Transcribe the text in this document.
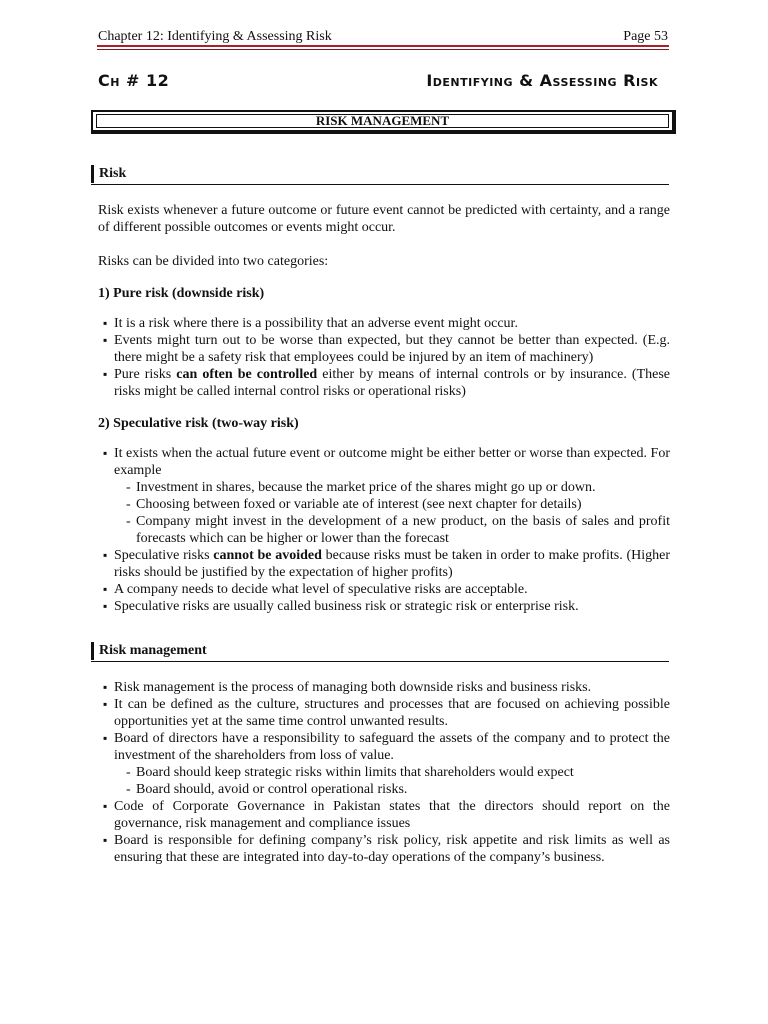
Chapter 12: Identifying & Assessing Risk	Page 53
Ch # 12	Identifying & Assessing Risk
RISK MANAGEMENT
Risk

Risk exists whenever a future outcome or future event cannot be predicted with certainty, and a range of different possible outcomes or events might occur.

Risks can be divided into two categories:

1) Pure risk (downside risk)
▪ It is a risk where there is a possibility that an adverse event might occur.
▪ Events might turn out to be worse than expected, but they cannot be better than expected. (E.g. there might be a safety risk that employees could be injured by an item of machinery)
▪ Pure risks can often be controlled either by means of internal controls or by insurance. (These risks might be called internal control risks or operational risks)
2) Speculative risk (two-way risk)
▪ It exists when the actual future event or outcome might be either better or worse than expected. For example
- Investment in shares, because the market price of the shares might go up or down.
- Choosing between foxed or variable ate of interest (see next chapter for details)
- Company might invest in the development of a new product, on the basis of sales and profit forecasts which can be higher or lower than the forecast
▪ Speculative risks cannot be avoided because risks must be taken in order to make profits. (Higher risks should be justified by the expectation of higher profits)
▪ A company needs to decide what level of speculative risks are acceptable.
▪ Speculative risks are usually called business risk or strategic risk or enterprise risk.
Risk management
▪ Risk management is the process of managing both downside risks and business risks.
▪ It can be defined as the culture, structures and processes that are focused on achieving possible opportunities yet at the same time control unwanted results.
▪ Board of directors have a responsibility to safeguard the assets of the company and to protect the investment of the shareholders from loss of value.
- Board should keep strategic risks within limits that shareholders would expect
- Board should, avoid or control operational risks.
▪ Code of Corporate Governance in Pakistan states that the directors should report on the governance, risk management and compliance issues
▪ Board is responsible for defining company’s risk policy, risk appetite and risk limits as well as ensuring that these are integrated into day-to-day operations of the company’s business.
